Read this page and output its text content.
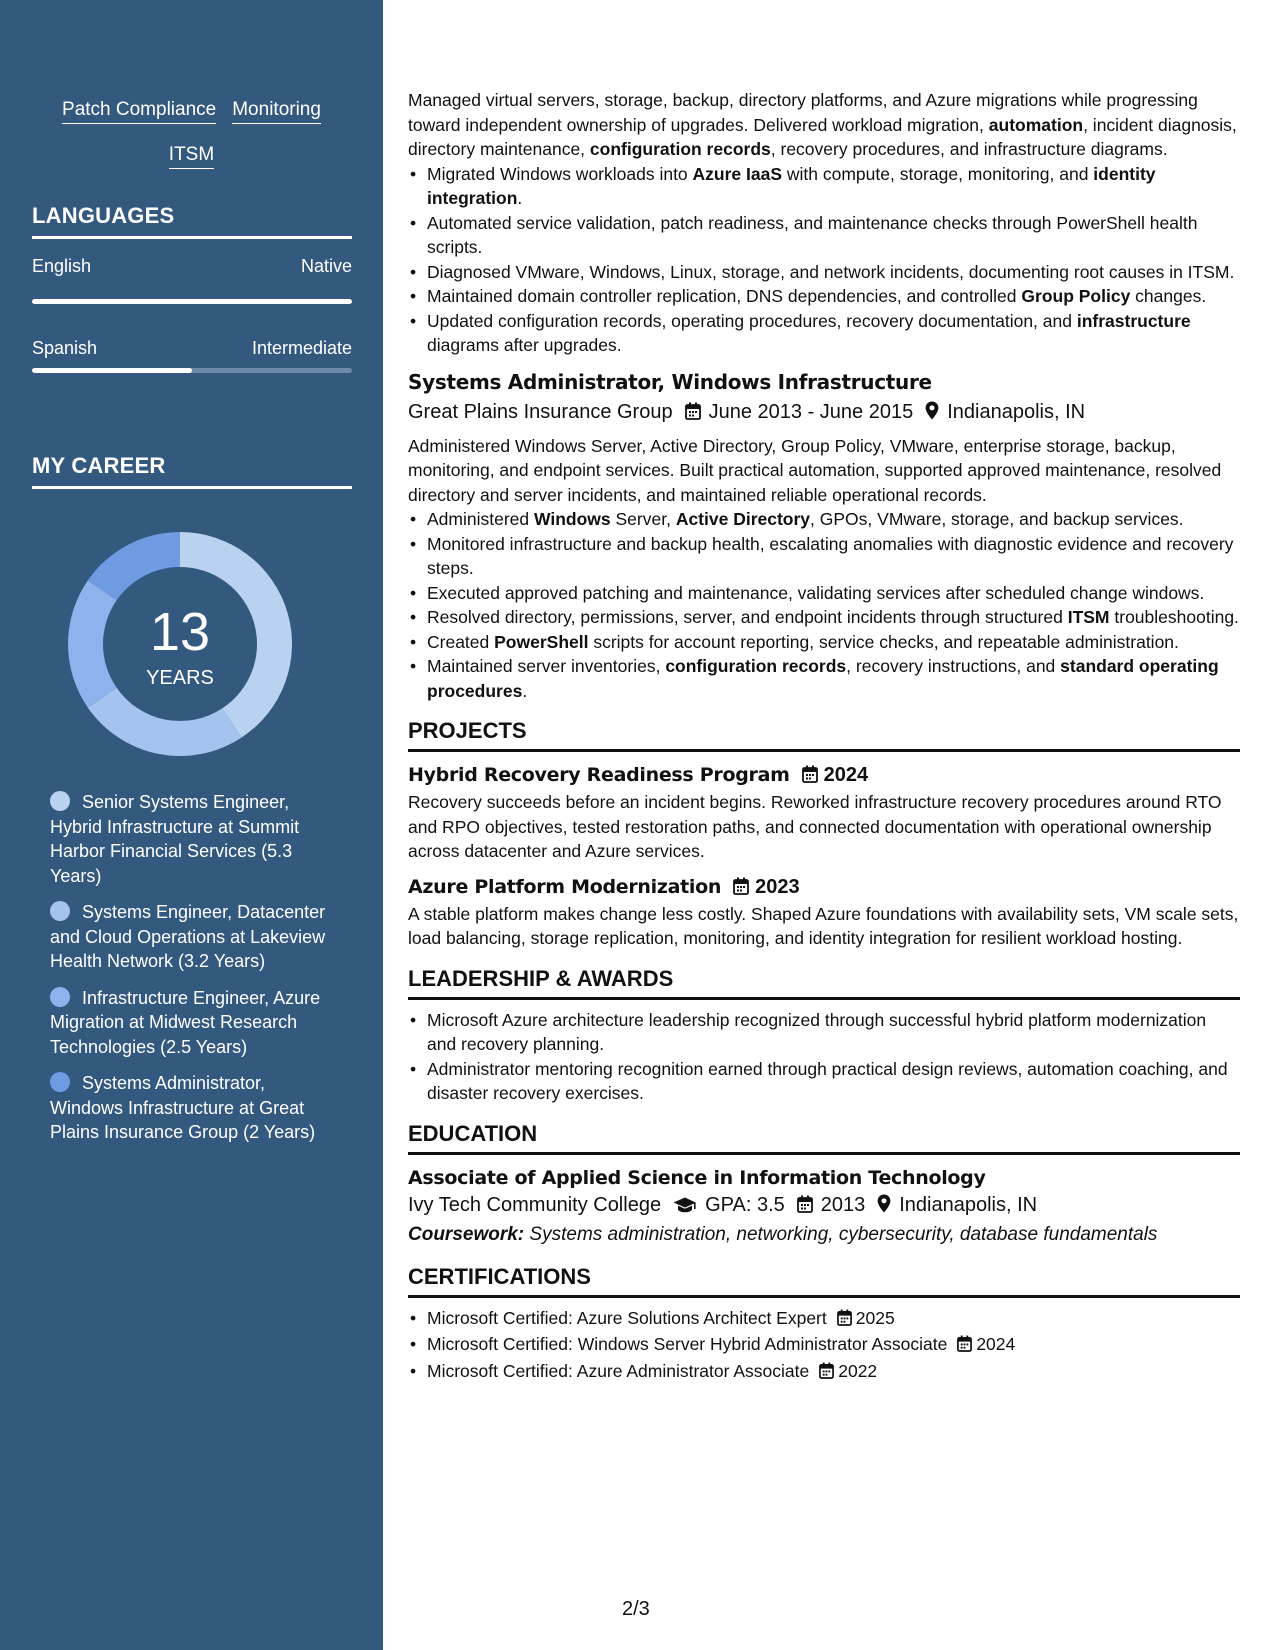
Patch Compliance Monitoring
ITSM
LANGUAGES
English	Native
Spanish	Intermediate
MY CAREER
13
YEARS
Senior Systems Engineer, Hybrid Infrastructure at Summit Harbor Financial Services (5.3 Years)
Systems Engineer, Datacenter and Cloud Operations at Lakeview Health Network (3.2 Years)
Infrastructure Engineer, Azure Migration at Midwest Research Technologies (2.5 Years)
Systems Administrator, Windows Infrastructure at Great Plains Insurance Group (2 Years)

Managed virtual servers, storage, backup, directory platforms, and Azure migrations while progressing toward independent ownership of upgrades. Delivered workload migration, automation, incident diagnosis, directory maintenance, configuration records, recovery procedures, and infrastructure diagrams.

• Migrated Windows workloads into Azure IaaS with compute, storage, monitoring, and identity integration.
• Automated service validation, patch readiness, and maintenance checks through PowerShell health scripts.
• Diagnosed VMware, Windows, Linux, storage, and network incidents, documenting root causes in ITSM.
• Maintained domain controller replication, DNS dependencies, and controlled Group Policy changes.
• Updated configuration records, operating procedures, recovery documentation, and infrastructure diagrams after upgrades.
Systems Administrator, Windows Infrastructure
Great Plains Insurance Group June 2013 - June 2015 Indianapolis, IN

Administered Windows Server, Active Directory, Group Policy, VMware, enterprise storage, backup, monitoring, and endpoint services. Built practical automation, supported approved maintenance, resolved directory and server incidents, and maintained reliable operational records.

• Administered Windows Server, Active Directory, GPOs, VMware, storage, and backup services.
• Monitored infrastructure and backup health, escalating anomalies with diagnostic evidence and recovery steps.
• Executed approved patching and maintenance, validating services after scheduled change windows.
• Resolved directory, permissions, server, and endpoint incidents through structured ITSM troubleshooting.
• Created PowerShell scripts for account reporting, service checks, and repeatable administration.
• Maintained server inventories, configuration records, recovery instructions, and standard operating procedures.
PROJECTS
Hybrid Recovery Readiness Program 2024

Recovery succeeds before an incident begins. Reworked infrastructure recovery procedures around RTO and RPO objectives, tested restoration paths, and connected documentation with operational ownership across datacenter and Azure services.

Azure Platform Modernization 2023

A stable platform makes change less costly. Shaped Azure foundations with availability sets, VM scale sets, load balancing, storage replication, monitoring, and identity integration for resilient workload hosting.

LEADERSHIP & AWARDS
• Microsoft Azure architecture leadership recognized through successful hybrid platform modernization and recovery planning.
• Administrator mentoring recognition earned through practical design reviews, automation coaching, and disaster recovery exercises.
EDUCATION
Associate of Applied Science in Information Technology
Ivy Tech Community College GPA: 3.5 2013 Indianapolis, IN
Coursework: Systems administration, networking, cybersecurity, database fundamentals
CERTIFICATIONS
• Microsoft Certified: Azure Solutions Architect Expert 2025
• Microsoft Certified: Windows Server Hybrid Administrator Associate 2024
• Microsoft Certified: Azure Administrator Associate 2022
2/3
